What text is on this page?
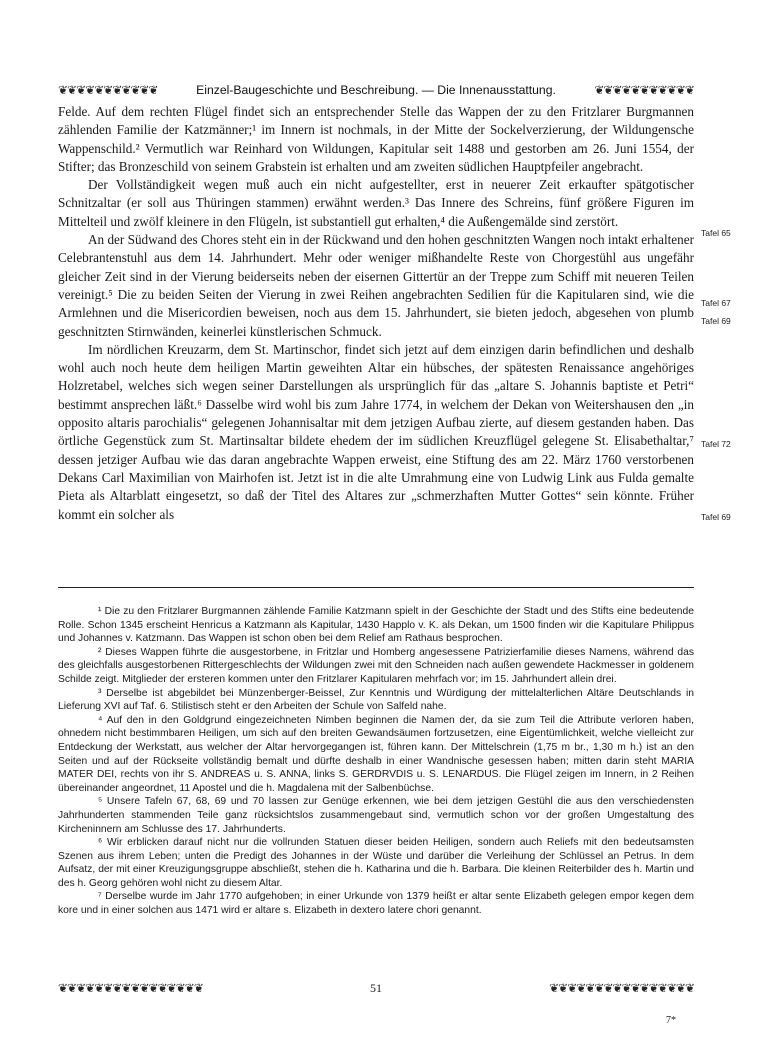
❦❦❦❦❦❦❦❦❦❦❦	Einzel-Baugeschichte und Beschreibung. — Die Innenausstattung.	❦❦❦❦❦❦❦❦❦❦❦

Felde. Auf dem rechten Flügel findet sich an entsprechender Stelle das Wappen der zu den Fritzlarer Burgmannen zählenden Familie der Katzmänner;¹ im Innern ist nochmals, in der Mitte der Sockelverzierung, der Wildungensche Wappenschild.² Vermutlich war Reinhard von Wildungen, Kapitular seit 1488 und gestorben am 26. Juni 1554, der Stifter; das Bronzeschild von seinem Grabstein ist erhalten und am zweiten südlichen Hauptpfeiler angebracht.

Der Vollständigkeit wegen muß auch ein nicht aufgestellter, erst in neuerer Zeit erkaufter spätgotischer Schnitzaltar (er soll aus Thüringen stammen) erwähnt werden.³ Das Innere des Schreins, fünf größere Figuren im Mittelteil und zwölf kleinere in den Flügeln, ist substantiell gut erhalten,⁴ die Außengemälde sind zerstört.

An der Südwand des Chores steht ein in der Rückwand und den hohen geschnitzten Wangen noch intakt erhaltener Celebrantenstuhl aus dem 14. Jahrhundert. Mehr oder weniger mißhandelte Reste von Chorgestühl aus ungefähr gleicher Zeit sind in der Vierung beiderseits neben der eisernen Gittertür an der Treppe zum Schiff mit neueren Teilen vereinigt.⁵ Die zu beiden Seiten der Vierung in zwei Reihen angebrachten Sedilien für die Kapitularen sind, wie die Armlehnen und die Misericordien beweisen, noch aus dem 15. Jahrhundert, sie bieten jedoch, abgesehen von plumb geschnitzten Stirnwänden, keinerlei künstlerischen Schmuck.

Im nördlichen Kreuzarm, dem St. Martinschor, findet sich jetzt auf dem einzigen darin befindlichen und deshalb wohl auch noch heute dem heiligen Martin geweihten Altar ein hübsches, der spätesten Renaissance angehöriges Holzretabel, welches sich wegen seiner Darstellungen als ursprünglich für das „altare S. Johannis baptiste et Petri“ bestimmt ansprechen läßt.⁶ Dasselbe wird wohl bis zum Jahre 1774, in welchem der Dekan von Weitershausen den „in opposito altaris parochialis“ gelegenen Johannisaltar mit dem jetzigen Aufbau zierte, auf diesem gestanden haben. Das örtliche Gegenstück zum St. Martinsaltar bildete ehedem der im südlichen Kreuzflügel gelegene St. Elisabethaltar,⁷ dessen jetziger Aufbau wie das daran angebrachte Wappen erweist, eine Stiftung des am 22. März 1760 verstorbenen Dekans Carl Maximilian von Mairhofen ist. Jetzt ist in die alte Umrahmung eine von Ludwig Link aus Fulda gemalte Pieta als Altarblatt eingesetzt, so daß der Titel des Altares zur „schmerzhaften Mutter Gottes“ sein könnte. Früher kommt ein solcher als

Tafel 65
Tafel 67
Tafel 69
Tafel 72
Tafel 69

¹ Die zu den Fritzlarer Burgmannen zählende Familie Katzmann spielt in der Geschichte der Stadt und des Stifts eine bedeutende Rolle. Schon 1345 erscheint Henricus a Katzmann als Kapitular, 1430 Happlo v. K. als Dekan, um 1500 finden wir die Kapitulare Philippus und Johannes v. Katzmann. Das Wappen ist schon oben bei dem Relief am Rathaus besprochen.

² Dieses Wappen führte die ausgestorbene, in Fritzlar und Homberg angesessene Patrizierfamilie dieses Namens, während das des gleichfalls ausgestorbenen Rittergeschlechts der Wildungen zwei mit den Schneiden nach außen gewendete Hackmesser in goldenem Schilde zeigt. Mitglieder der ersteren kommen unter den Fritzlarer Kapitularen mehrfach vor; im 15. Jahrhundert allein drei.

³ Derselbe ist abgebildet bei Münzenberger-Beissel, Zur Kenntnis und Würdigung der mittelalterlichen Altäre Deutschlands in Lieferung XVI auf Taf. 6. Stilistisch steht er den Arbeiten der Schule von Salfeld nahe.

⁴ Auf den in den Goldgrund eingezeichneten Nimben beginnen die Namen der, da sie zum Teil die Attribute verloren haben, ohnedem nicht bestimmbaren Heiligen, um sich auf den breiten Gewandsäumen fortzusetzen, eine Eigentümlichkeit, welche vielleicht zur Entdeckung der Werkstatt, aus welcher der Altar hervorgegangen ist, führen kann. Der Mittelschrein (1,75 m br., 1,30 m h.) ist an den Seiten und auf der Rückseite vollständig bemalt und dürfte deshalb in einer Wandnische gesessen haben; mitten darin steht MARIA MATER DEI, rechts von ihr S. ANDREAS u. S. ANNA, links S. GERDRVDIS u. S. LENARDUS. Die Flügel zeigen im Innern, in 2 Reihen übereinander angeordnet, 11 Apostel und die h. Magdalena mit der Salbenbüchse.

⁵ Unsere Tafeln 67, 68, 69 und 70 lassen zur Genüge erkennen, wie bei dem jetzigen Gestühl die aus den verschiedensten Jahrhunderten stammenden Teile ganz rücksichtslos zusammengebaut sind, vermutlich schon vor der großen Umgestaltung des Kircheninnern am Schlusse des 17. Jahrhunderts.

⁶ Wir erblicken darauf nicht nur die vollrunden Statuen dieser beiden Heiligen, sondern auch Reliefs mit den bedeutsamsten Szenen aus ihrem Leben; unten die Predigt des Johannes in der Wüste und darüber die Verleihung der Schlüssel an Petrus. In dem Aufsatz, der mit einer Kreuzigungsgruppe abschließt, stehen die h. Katharina und die h. Barbara. Die kleinen Reiterbilder des h. Martin und des h. Georg gehören wohl nicht zu diesem Altar.

⁷ Derselbe wurde im Jahr 1770 aufgehoben; in einer Urkunde von 1379 heißt er altar sente Elizabeth gelegen empor kegen dem kore und in einer solchen aus 1471 wird er altare s. Elizabeth in dextero latere chori genannt.

❦❦❦❦❦❦❦❦❦❦❦❦❦❦❦❦	51	❦❦❦❦❦❦❦❦❦❦❦❦❦❦❦❦
7*
